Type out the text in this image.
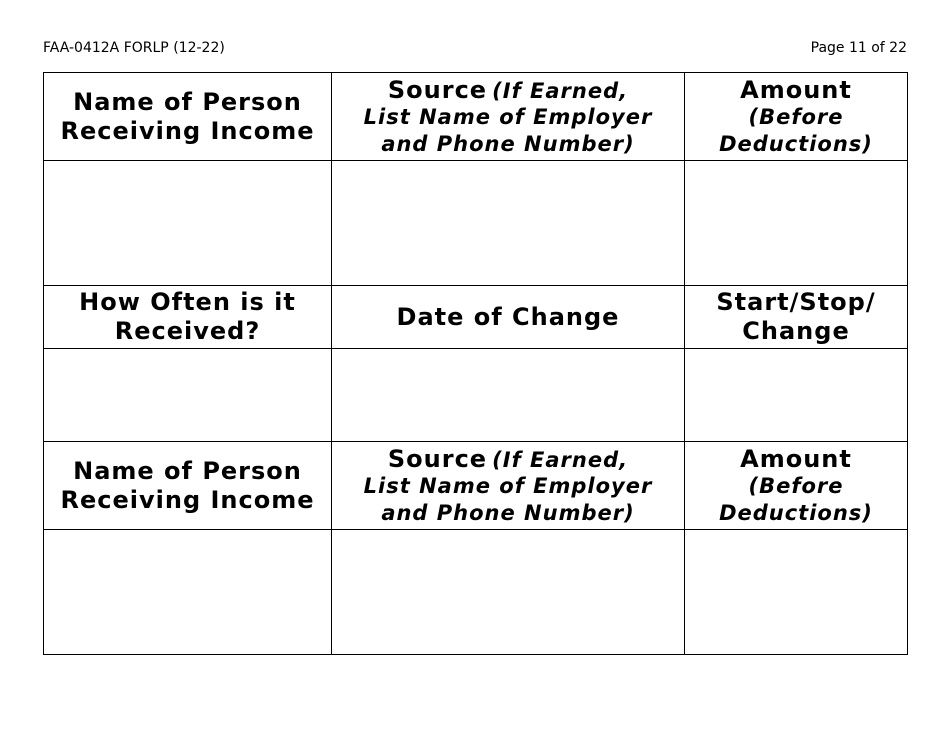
FAA-0412A FORLP (12-22)	Page 11 of 22
Name of Person
Receiving Income	Source (If Earned,
List Name of Employer
and Phone Number)	Amount
(Before
Deductions)

How Often is it
Received?	Date of Change	Start/Stop/
Change

Name of Person
Receiving Income	Source (If Earned,
List Name of Employer
and Phone Number)	Amount
(Before
Deductions)
